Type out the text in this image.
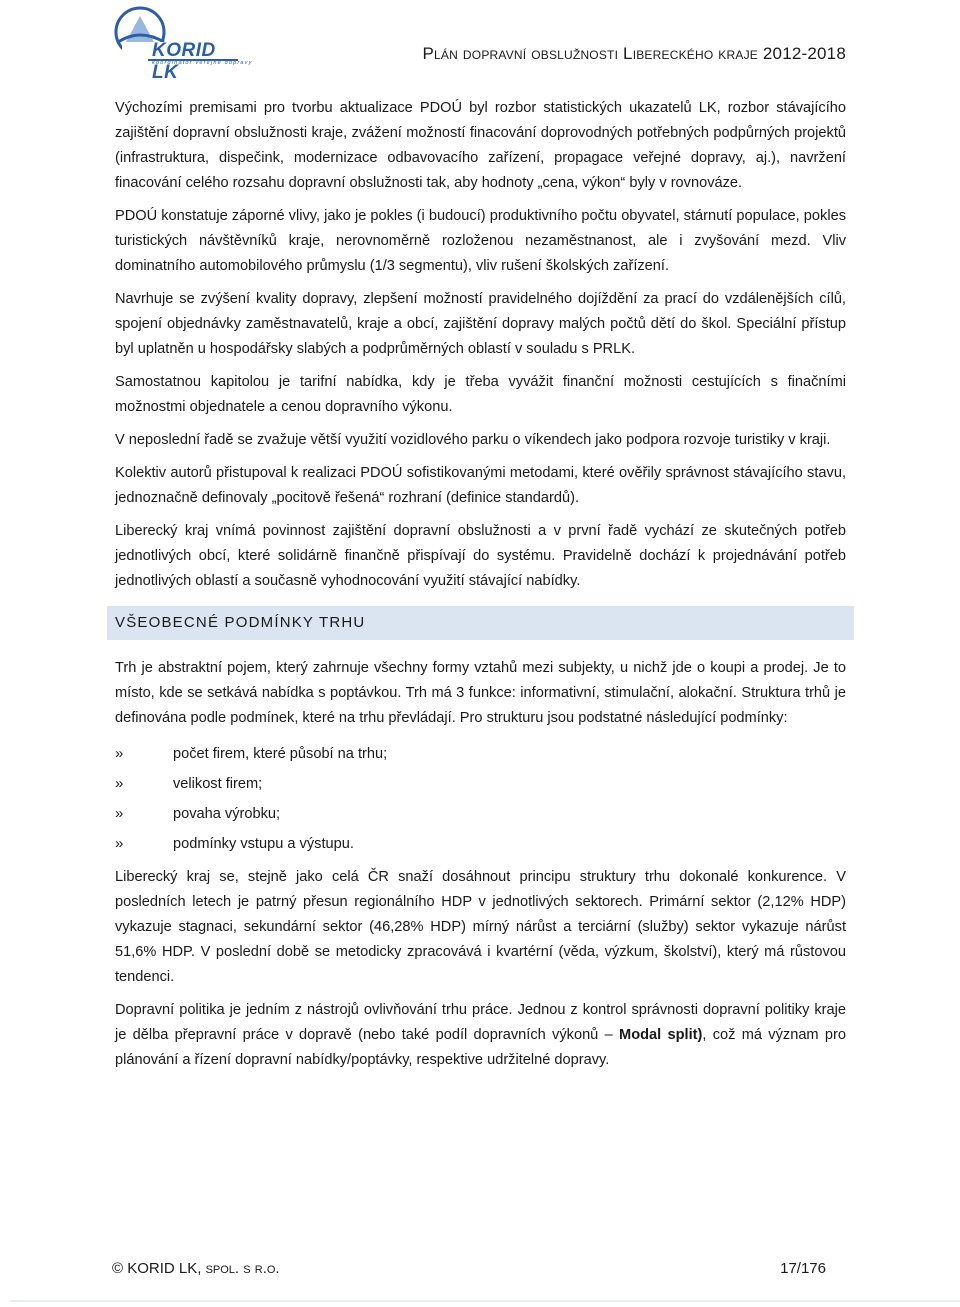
KORID LK
koordinátor veřejné dopravy	Plán dopravní obslužnosti Libereckého kraje 2012-2018

Výchozími premisami pro tvorbu aktualizace PDOÚ byl rozbor statistických ukazatelů LK, rozbor stávajícího zajištění dopravní obslužnosti kraje, zvážení možností finacování doprovodných potřebných podpůrných projektů (infrastruktura, dispečink, modernizace odbavovacího zařízení, propagace veřejné dopravy, aj.), navržení finacování celého rozsahu dopravní obslužnosti tak, aby hodnoty „cena, výkon“ byly v rovnováze.

PDOÚ konstatuje záporné vlivy, jako je pokles (i budoucí) produktivního počtu obyvatel, stárnutí populace, pokles turistických návštěvníků kraje, nerovnoměrně rozloženou nezaměstnanost, ale i zvyšování mezd. Vliv dominatního automobilového průmyslu (1/3 segmentu), vliv rušení školských zařízení.

Navrhuje se zvýšení kvality dopravy, zlepšení možností pravidelného dojíždění za prací do vzdálenějších cílů, spojení objednávky zaměstnavatelů, kraje a obcí, zajištění dopravy malých počtů dětí do škol. Speciální přístup byl uplatněn u hospodářsky slabých a podprůměrných oblastí v souladu s PRLK.

Samostatnou kapitolou je tarifní nabídka, kdy je třeba vyvážit finanční možnosti cestujících s finačními možnostmi objednatele a cenou dopravního výkonu.

V neposlední řadě se zvažuje větší využití vozidlového parku o víkendech jako podpora rozvoje turistiky v kraji.

Kolektiv autorů přistupoval k realizaci PDOÚ sofistikovanými metodami, které ověřily správnost stávajícího stavu, jednoznačně definovaly „pocitově řešená“ rozhraní (definice standardů).

Liberecký kraj vnímá povinnost zajištění dopravní obslužnosti a v první řadě vychází ze skutečných potřeb jednotlivých obcí, které solidárně finančně přispívají do systému. Pravidelně dochází k projednávání potřeb jednotlivých oblastí a současně vyhodnocování využití stávající nabídky.

VŠEOBECNÉ PODMÍNKY TRHU

Trh je abstraktní pojem, který zahrnuje všechny formy vztahů mezi subjekty, u nichž jde o koupi a prodej. Je to místo, kde se setkává nabídka s poptávkou. Trh má 3 funkce: informativní, stimulační, alokační. Struktura trhů je definována podle podmínek, které na trhu převládají. Pro strukturu jsou podstatné následující podmínky:

»	počet firem, které působí na trhu;
»	velikost firem;
»	povaha výrobku;
»	podmínky vstupu a výstupu.

Liberecký kraj se, stejně jako celá ČR snaží dosáhnout principu struktury trhu dokonalé konkurence. V posledních letech je patrný přesun regionálního HDP v jednotlivých sektorech. Primární sektor (2,12% HDP) vykazuje stagnaci, sekundární sektor (46,28% HDP) mírný nárůst a terciární (služby) sektor vykazuje nárůst 51,6% HDP. V poslední době se metodicky zpracovává i kvartérní (věda, výzkum, školství), který má růstovou tendenci.

Dopravní politika je jedním z nástrojů ovlivňování trhu práce. Jednou z kontrol správnosti dopravní politiky kraje je dělba přepravní práce v dopravě (nebo také podíl dopravních výkonů – Modal split), což má význam pro plánování a řízení dopravní nabídky/poptávky, respektive udržitelné dopravy.

© KORID LK, spol. s r.o.	17/176
